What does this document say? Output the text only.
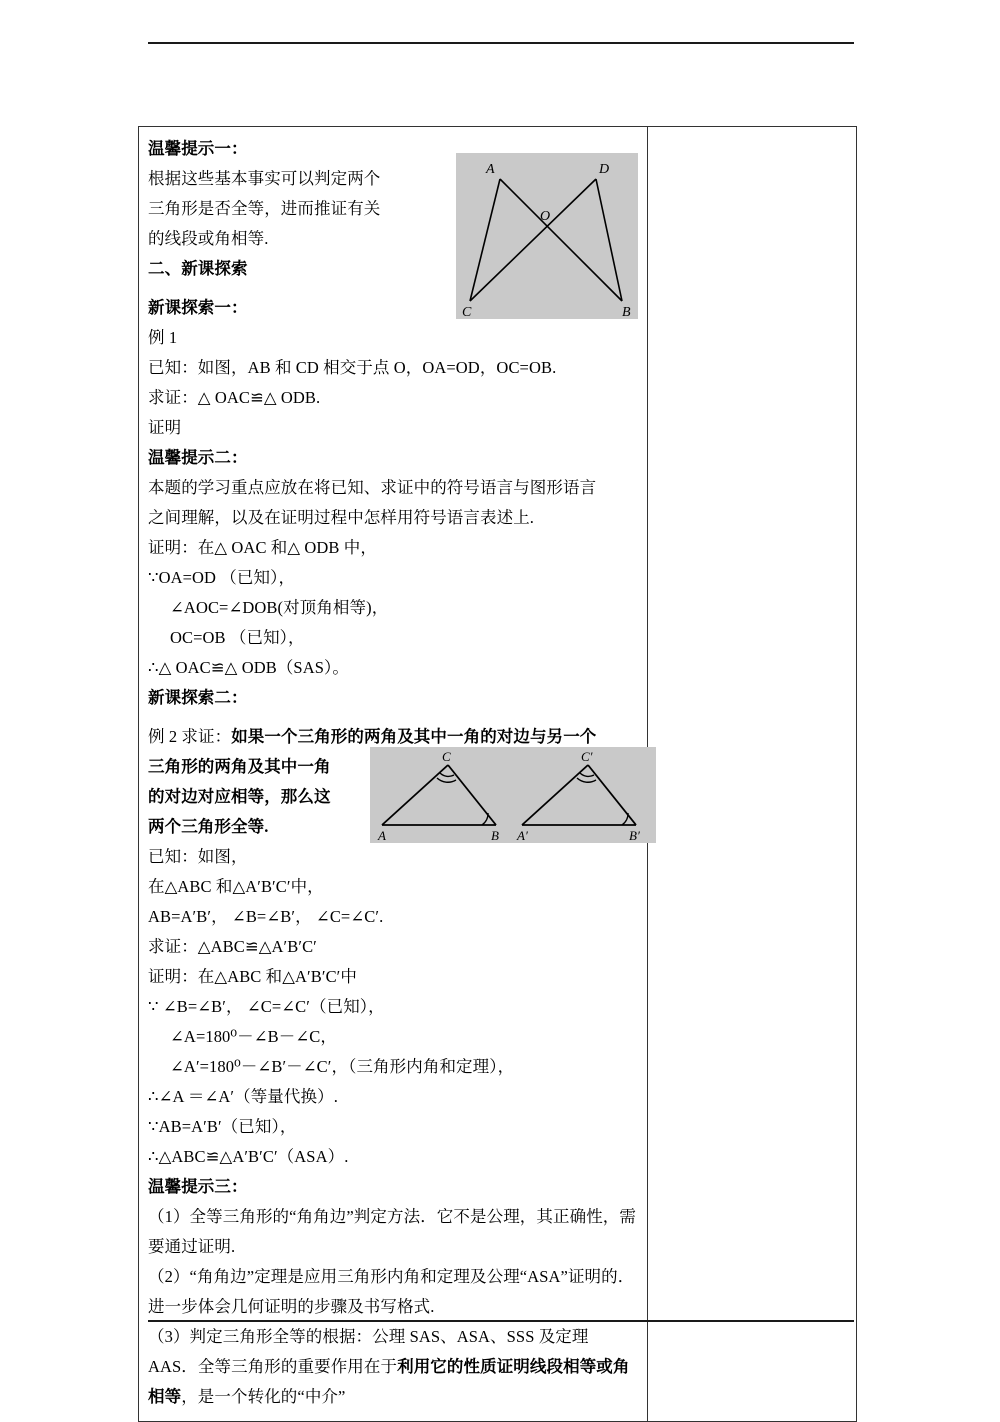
A	D
O
C	B
温馨提示一：
根据这些基本事实可以判定两个
三角形是否全等，进而推证有关
的线段或角相等.
二、新课探索
新课探索一：
例 1
已知：如图，AB 和 CD 相交于点 O，OA=OD，OC=OB.
求证：△ OAC≌△ ODB.
证明
温馨提示二：
本题的学习重点应放在将已知、求证中的符号语言与图形语言
之间理解，以及在证明过程中怎样用符号语言表述上.
证明：在△ OAC 和△ ODB 中，
∵OA=OD （已知），
∠AOC=∠DOB(对顶角相等)，
OC=OB （已知），
∴△ OAC≌△ ODB（SAS）。
新课探索二：
例 2 求证：如果一个三角形的两角及其中一角的对边与另一个
三角形的两角及其中一角
的对边对应相等，那么这
两个三角形全等.	A	B
C
A′	B′
C′
已知：如图，
在△ABC 和△A′B′C′中，
AB=A′B′， ∠B=∠B′， ∠C=∠C′.
求证：△ABC≌△A′B′C′
证明：在△ABC 和△A′B′C′中
∵ ∠B=∠B′， ∠C=∠C′（已知），
∠A=180⁰－∠B－∠C，
∠A′=180⁰－∠B′－∠C′，（三角形内角和定理），
∴∠A ＝∠A′（等量代换）.
∵AB=A′B′（已知），
∴△ABC≌△A′B′C′（ASA）.
温馨提示三：
（1）全等三角形的“角角边”判定方法．它不是公理，其正确性，需要通过证明.
（2）“角角边”定理是应用三角形内角和定理及公理“ASA”证明的．进一步体会几何证明的步骤及书写格式.
（3）判定三角形全等的根据：公理 SAS、ASA、SSS 及定理 AAS．全等三角形的重要作用在于利用它的性质证明线段相等或角相等，是一个转化的“中介”
